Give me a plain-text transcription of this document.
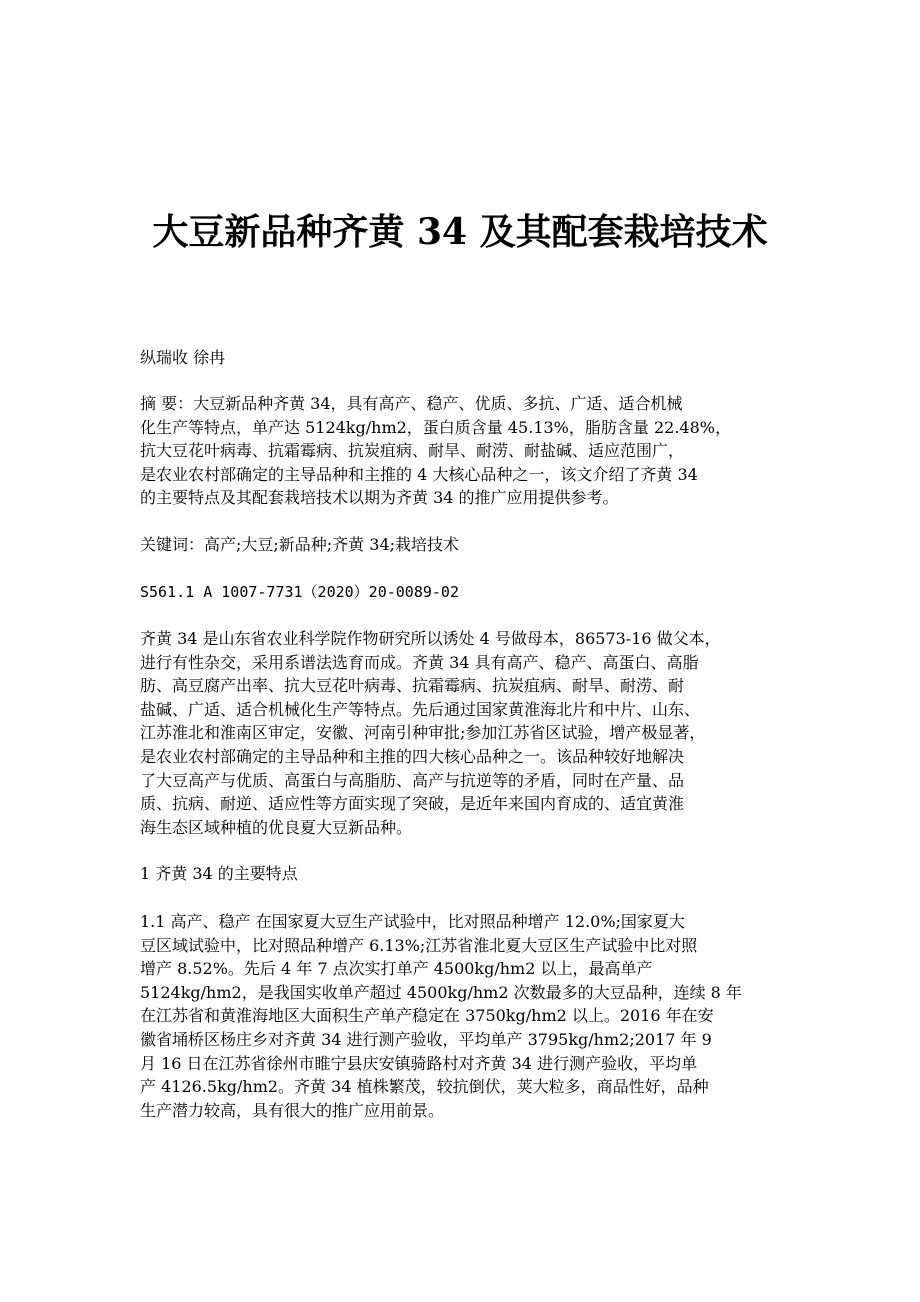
大豆新品种齐黄 34 及其配套栽培技术

纵瑞收 徐冉

摘 要：大豆新品种齐黄 34，具有高产、稳产、优质、多抗、广适、适合机械
化生产等特点，单产达 5124kg/hm2，蛋白质含量 45.13%，脂肪含量 22.48%，
抗大豆花叶病毒、抗霜霉病、抗炭疽病、耐旱、耐涝、耐盐碱、适应范围广，
是农业农村部确定的主导品种和主推的 4 大核心品种之一，该文介绍了齐黄 34
的主要特点及其配套栽培技术以期为齐黄 34 的推广应用提供参考。

关键词：高产;大豆;新品种;齐黄 34;栽培技术

S561.1 A 1007-7731（2020）20-0089-02

齐黄 34 是山东省农业科学院作物研究所以诱处 4 号做母本，86573-16 做父本，
进行有性杂交，采用系谱法选育而成。齐黄 34 具有高产、稳产、高蛋白、高脂
肪、高豆腐产出率、抗大豆花叶病毒、抗霜霉病、抗炭疽病、耐旱、耐涝、耐
盐碱、广适、适合机械化生产等特点。先后通过国家黄淮海北片和中片、山东、
江苏淮北和淮南区审定，安徽、河南引种审批;参加江苏省区试验，增产极显著，
是农业农村部确定的主导品种和主推的四大核心品种之一。该品种较好地解决
了大豆高产与优质、高蛋白与高脂肪、高产与抗逆等的矛盾，同时在产量、品
质、抗病、耐逆、适应性等方面实现了突破，是近年来国内育成的、适宜黄淮
海生态区域种植的优良夏大豆新品种。

1 齐黄 34 的主要特点

1.1 高产、稳产 在国家夏大豆生产试验中，比对照品种增产 12.0%;国家夏大
豆区域试验中，比对照品种增产 6.13%;江苏省淮北夏大豆区生产试验中比对照
增产 8.52%。先后 4 年 7 点次实打单产 4500kg/hm2 以上，最高单产
5124kg/hm2，是我国实收单产超过 4500kg/hm2 次数最多的大豆品种，连续 8 年
在江苏省和黄淮海地区大面积生产单产稳定在 3750kg/hm2 以上。2016 年在安
徽省埇桥区杨庄乡对齐黄 34 进行测产验收，平均单产 3795kg/hm2;2017 年 9
月 16 日在江苏省徐州市睢宁县庆安镇骑路村对齐黄 34 进行测产验收，平均单
产 4126.5kg/hm2。齐黄 34 植株繁茂，较抗倒伏，荚大粒多，商品性好，品种
生产潜力较高，具有很大的推广应用前景。
